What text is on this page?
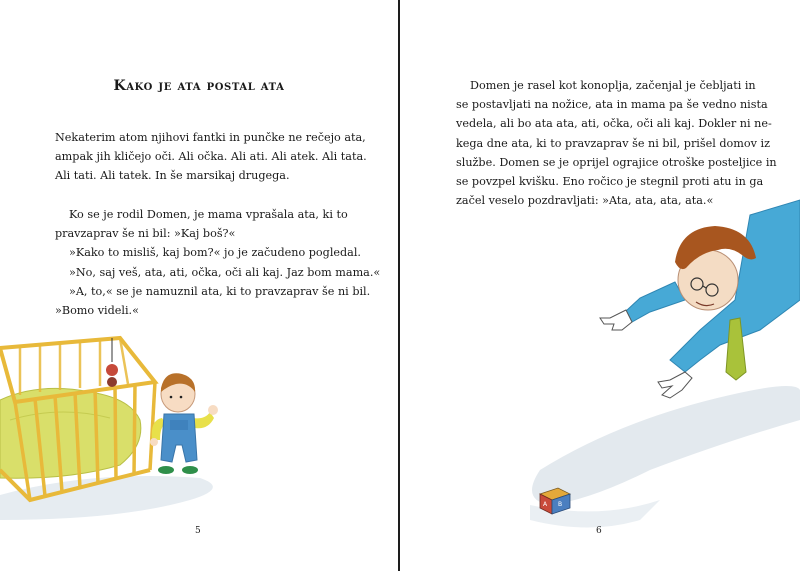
Kako je ata postal ata

Nekaterim atom njihovi fantki in punčke ne rečejo ata,
ampak jih kličejo oči. Ali očka. Ali ati. Ali atek. Ali tata.
Ali tati. Ali tatek. In še marsikaj drugega.

Ko se je rodil Domen, je mama vprašala ata, ki to
pravzaprav še ni bil: »Kaj boš?«
»Kako to misliš, kaj bom?« jo je začudeno pogledal.
»No, saj veš, ata, ati, očka, oči ali kaj. Jaz bom mama.«
»A, to,« se je namuznil ata, ki to pravzaprav še ni bil.
»Bomo videli.«

5

Domen je rasel kot konoplja, začenjal je čebljati in
se postavljati na nožice, ata in mama pa še vedno nista
vedela, ali bo ata ata, ati, očka, oči ali kaj. Dokler ni ne-
kega dne ata, ki to pravzaprav še ni bil, prišel domov iz
službe. Domen se je oprijel ograjice otroške posteljice in
se povzpel kvišku. Eno ročico je stegnil proti atu in ga
začel veselo pozdravljati: »Ata, ata, ata, ata.«

A B
6
